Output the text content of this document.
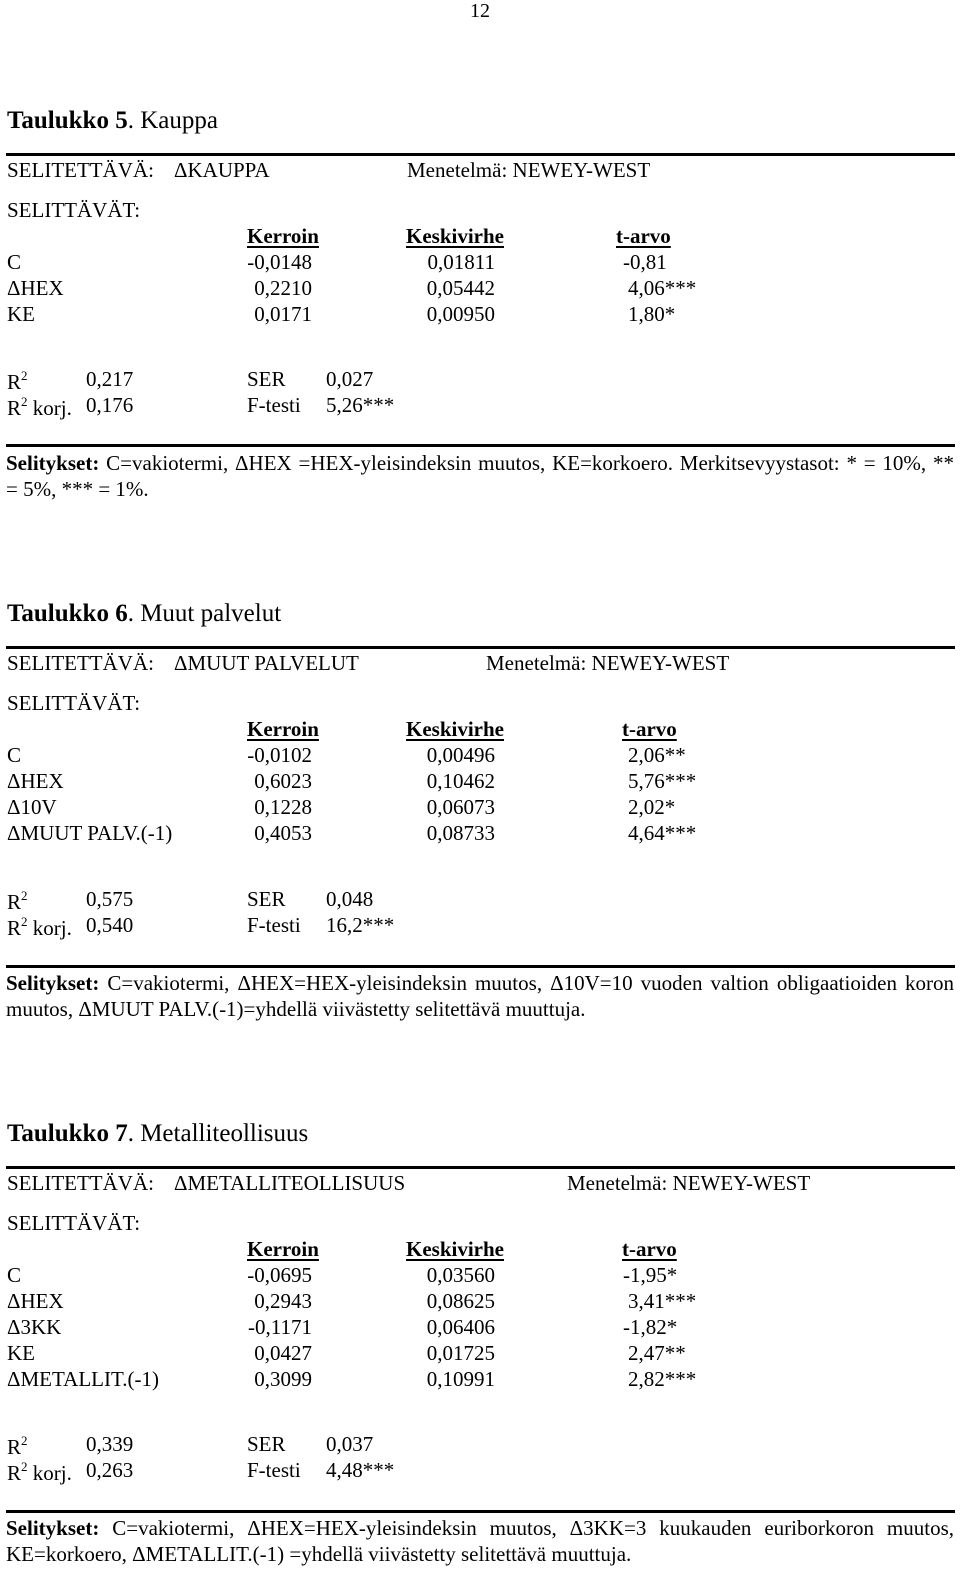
12
Taulukko 5. Kauppa
SELITETTÄVÄ: ΔKAUPPA	Menetelmä: NEWEY-WEST
SELITTÄVÄT:
Kerroin	Keskivirhe	t-arvo
C	-0,0148	0,01811	-0,81
ΔHEX	0,2210	0,05442	4,06***
KE	0,0171	0,00950	1,80*
$R^2$	0,217	SER 0,027
$R^2$ korj. 0,176	F-testi 5,26***
Selitykset: C=vakiotermi, ΔHEX =HEX-yleisindeksin muutos, KE=korkoero. Merkitsevyystasot: * = 10%, ** = 5%, *** = 1%.
Taulukko 6. Muut palvelut
SELITETTÄVÄ: ΔMUUT PALVELUT	Menetelmä: NEWEY-WEST
SELITTÄVÄT:
Kerroin	Keskivirhe	t-arvo
C	-0,0102	0,00496	2,06**
ΔHEX	0,6023	0,10462	5,76***
Δ10V	0,1228	0,06073	2,02*
ΔMUUT PALV.(-1)	0,4053	0,08733	4,64***
$R^2$	0,575	SER 0,048
$R^2$ korj. 0,540	F-testi 16,2***
Selitykset: C=vakiotermi, ΔHEX=HEX-yleisindeksin muutos, Δ10V=10 vuoden valtion obligaatioiden koron muutos, ΔMUUT PALV.(-1)=yhdellä viivästetty selitettävä muuttuja.
Taulukko 7. Metalliteollisuus
SELITETTÄVÄ: ΔMETALLITEOLLISUUS	Menetelmä: NEWEY-WEST
SELITTÄVÄT:
Kerroin	Keskivirhe	t-arvo
C	-0,0695	0,03560	-1,95*
ΔHEX	0,2943	0,08625	3,41***
Δ3KK	-0,1171	0,06406	-1,82*
KE	0,0427	0,01725	2,47**
ΔMETALLIT.(-1)	0,3099	0,10991	2,82***
$R^2$	0,339	SER 0,037
$R^2$ korj. 0,263	F-testi 4,48***
Selitykset: C=vakiotermi, ΔHEX=HEX-yleisindeksin muutos, Δ3KK=3 kuukauden euriborkoron muutos, KE=korkoero, ΔMETALLIT.(-1) =yhdellä viivästetty selitettävä muuttuja.
